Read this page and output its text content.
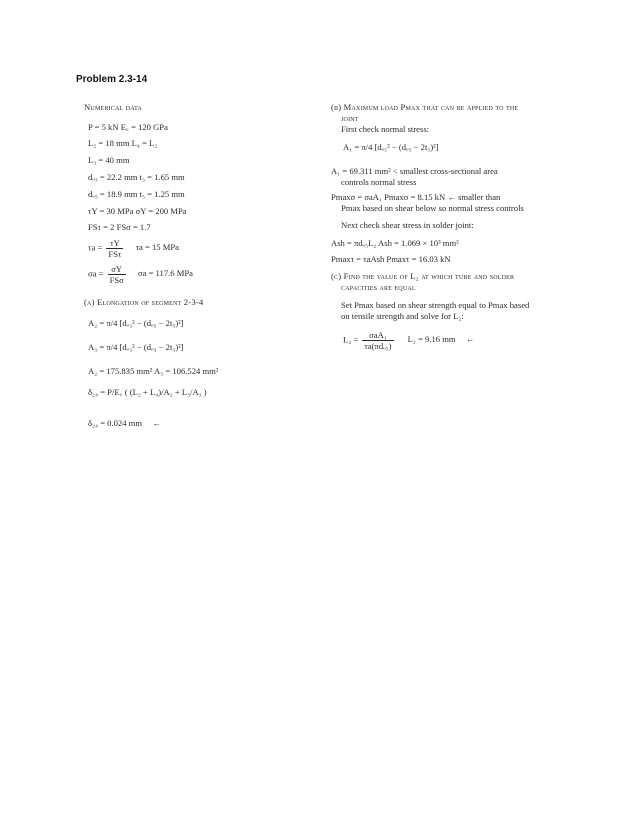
Problem 2.3-14
Numerical data
P = 5 kN E꜀ = 120 GPa
L₂ = 18 mm L₄ = L₂
L₃ = 40 mm
dₒ₃ = 22.2 mm t₃ = 1.65 mm
dₒ₅ = 18.9 mm t₅ = 1.25 mm
τY = 30 MPa σY = 200 MPa
FSτ = 2 FSσ = 1.7
$\tau a = \frac{\tau Y}{\text{FSτ}}$ τa = 15 MPa
$\sigma a = \frac{\sigma Y}{\text{FSσ}}$ σa = 117.6 MPa
(a) Elongation of segment 2-3-4
A₂ = π/4 [dₒ₃² − (dₒ₅ − 2t₅)²]
A₃ = π/4 [dₒ₃² − (dₒ₃ − 2t₃)²]
A₂ = 175.835 mm² A₃ = 106.524 mm²
δ₂₄ = P/E꜀ ( (L₂ + L₄)/A₂ + L₃/A₃ )
δ₂₄ = 0.024 mm ←
(b) Maximum load Pmax that can be applied to the
joint
First check normal stress:
A₁ = π/4 [dₒ₅² − (dₒ₅ − 2t₅)²]
A₁ = 69.311 mm² < smallest cross-sectional area
controls normal stress
Pmaxσ = σaA₁ Pmaxσ = 8.15 kN ← smaller than
Pmax based on shear below so normal stress controls
Next check shear stress in solder joint:
Ash = πdₒ₅L₂ Ash = 1.069 × 10³ mm²
Pmaxτ = τaAsh Pmaxτ = 16.03 kN
(c) Find the value of L₂ at which tube and solder
capacities are equal
Set Pmax based on shear strength equal to Pmax based
on tensile strength and solve for L₂:
$L_2 = \frac{\text{σaA₁}}{\text{τa(πdₒ₅)}} L_2 = 9.16$ mm ←
